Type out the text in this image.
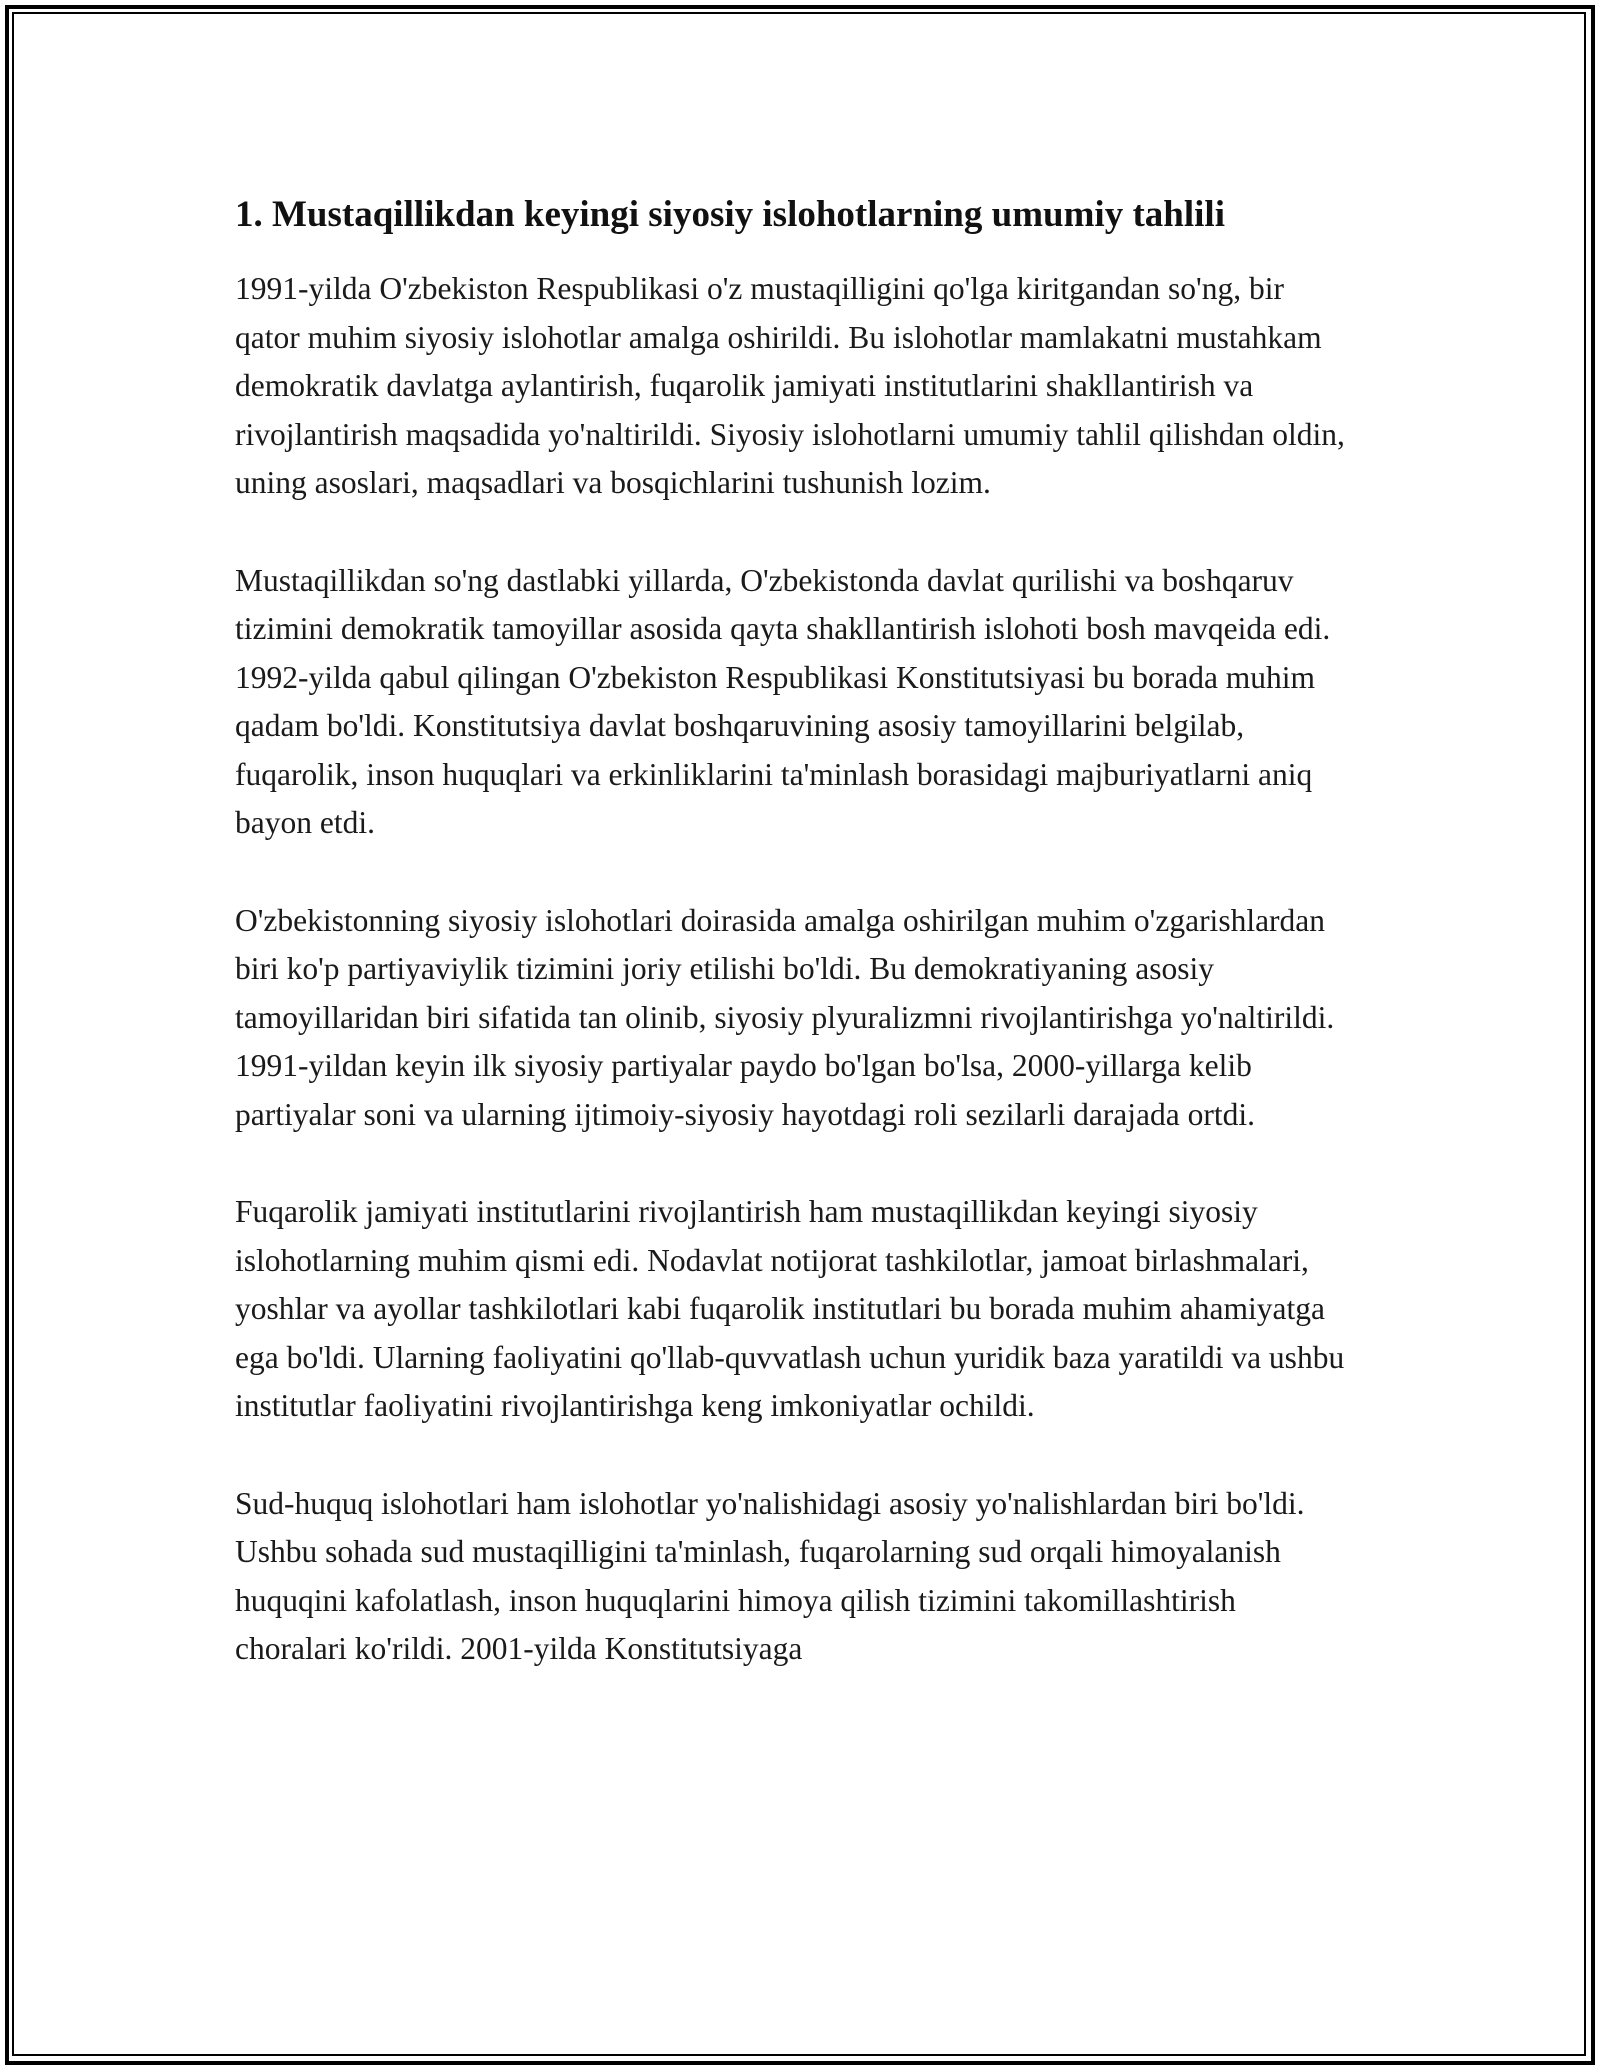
1. Mustaqillikdan keyingi siyosiy islohotlarning umumiy tahlili

1991-yilda O'zbekiston Respublikasi o'z mustaqilligini qo'lga kiritgandan so'ng, bir qator muhim siyosiy islohotlar amalga oshirildi. Bu islohotlar mamlakatni mustahkam demokratik davlatga aylantirish, fuqarolik jamiyati institutlarini shakllantirish va rivojlantirish maqsadida yo'naltirildi. Siyosiy islohotlarni umumiy tahlil qilishdan oldin, uning asoslari, maqsadlari va bosqichlarini tushunish lozim.

Mustaqillikdan so'ng dastlabki yillarda, O'zbekistonda davlat qurilishi va boshqaruv tizimini demokratik tamoyillar asosida qayta shakllantirish islohoti bosh mavqeida edi. 1992-yilda qabul qilingan O'zbekiston Respublikasi Konstitutsiyasi bu borada muhim qadam bo'ldi. Konstitutsiya davlat boshqaruvining asosiy tamoyillarini belgilab, fuqarolik, inson huquqlari va erkinliklarini ta'minlash borasidagi majburiyatlarni aniq bayon etdi.

O'zbekistonning siyosiy islohotlari doirasida amalga oshirilgan muhim o'zgarishlardan biri ko'p partiyaviylik tizimini joriy etilishi bo'ldi. Bu demokratiyaning asosiy tamoyillaridan biri sifatida tan olinib, siyosiy plyuralizmni rivojlantirishga yo'naltirildi. 1991-yildan keyin ilk siyosiy partiyalar paydo bo'lgan bo'lsa, 2000-yillarga kelib partiyalar soni va ularning ijtimoiy-siyosiy hayotdagi roli sezilarli darajada ortdi.

Fuqarolik jamiyati institutlarini rivojlantirish ham mustaqillikdan keyingi siyosiy islohotlarning muhim qismi edi. Nodavlat notijorat tashkilotlar, jamoat birlashmalari, yoshlar va ayollar tashkilotlari kabi fuqarolik institutlari bu borada muhim ahamiyatga ega bo'ldi. Ularning faoliyatini qo'llab-quvvatlash uchun yuridik baza yaratildi va ushbu institutlar faoliyatini rivojlantirishga keng imkoniyatlar ochildi.

Sud-huquq islohotlari ham islohotlar yo'nalishidagi asosiy yo'nalishlardan biri bo'ldi. Ushbu sohada sud mustaqilligini ta'minlash, fuqarolarning sud orqali himoyalanish huquqini kafolatlash, inson huquqlarini himoya qilish tizimini takomillashtirish choralari ko'rildi. 2001-yilda Konstitutsiyaga
